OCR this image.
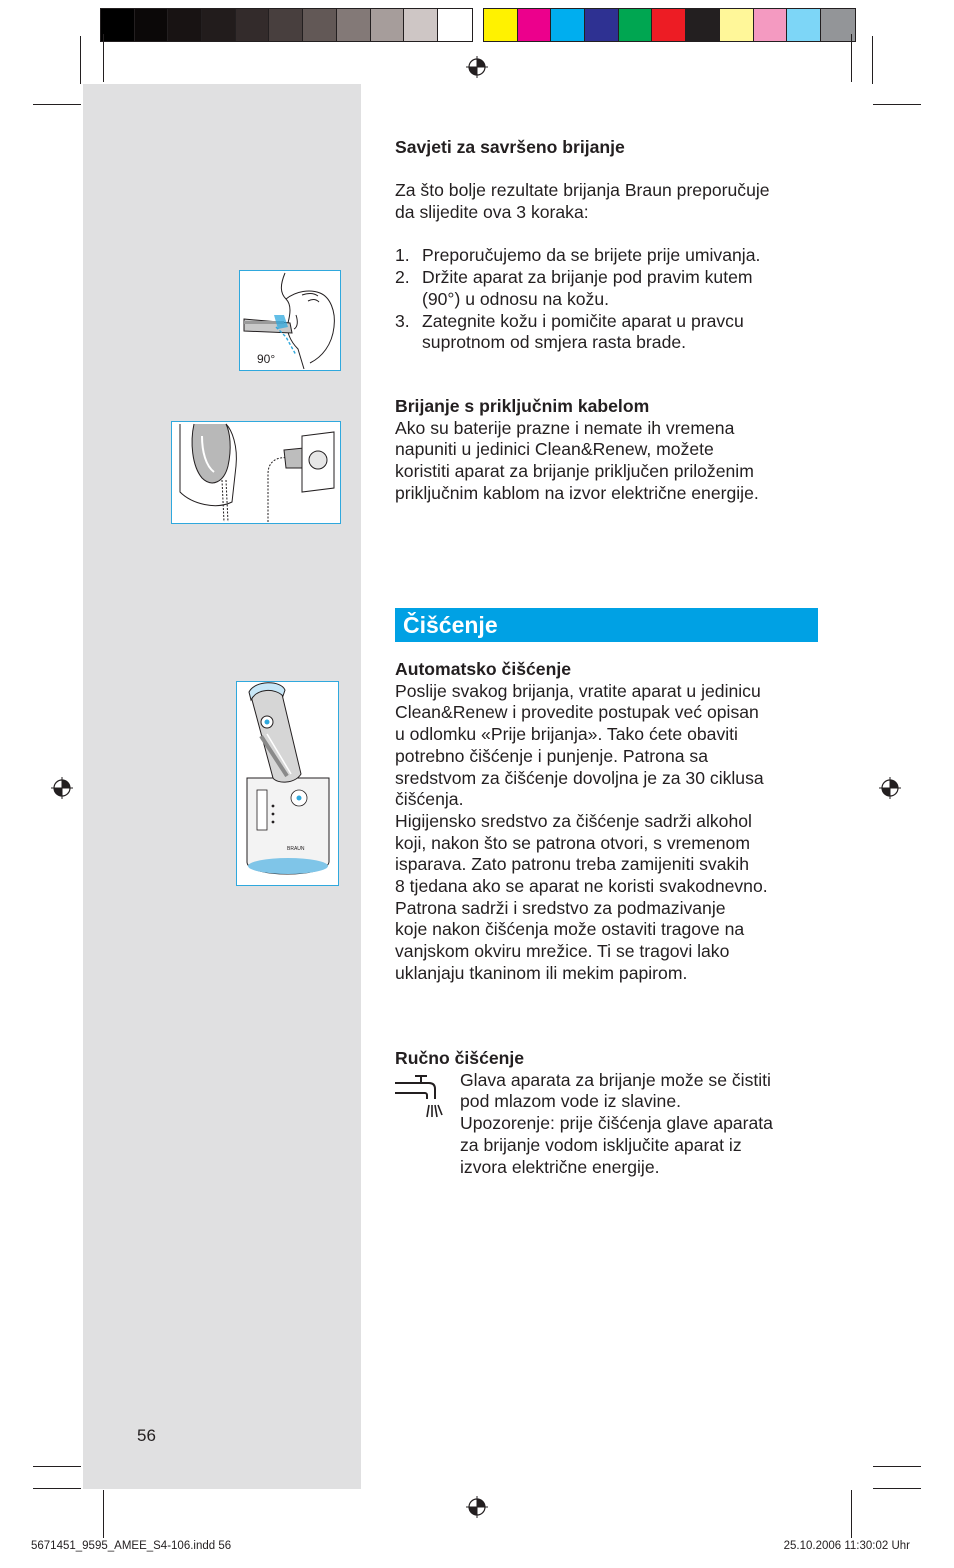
90°
BRAUN
Savjeti za savršeno brijanje
Za što bolje rezultate brijanja Braun preporučuje
da slijedite ova 3 koraka:
1. Preporučujemo da se brijete prije umivanja.
2. Držite aparat za brijanje pod pravim kutem
(90°) u odnosu na kožu.
3. Zategnite kožu i pomičite aparat u pravcu
suprotnom od smjera rasta brade.
Brijanje s priključnim kabelom
Ako su baterije prazne i nemate ih vremena
napuniti u jedinici Clean&Renew, možete
koristiti aparat za brijanje priključen priloženim
priključnim kablom na izvor električne energije.
Čišćenje
Automatsko čišćenje
Poslije svakog brijanja, vratite aparat u jedinicu
Clean&Renew i provedite postupak već opisan
u odlomku «Prije brijanja». Tako ćete obaviti
potrebno čišćenje i punjenje. Patrona sa
sredstvom za čišćenje dovoljna je za 30 ciklusa
čišćenja.
Higijensko sredstvo za čišćenje sadrži alkohol
koji, nakon što se patrona otvori, s vremenom
isparava. Zato patronu treba zamijeniti svakih
8 tjedana ako se aparat ne koristi svakodnevno.
Patrona sadrži i sredstvo za podmazivanje
koje nakon čišćenja može ostaviti tragove na
vanjskom okviru mrežice. Ti se tragovi lako
uklanjaju tkaninom ili mekim papirom.
Ručno čišćenje
Glava aparata za brijanje može se čistiti
pod mlazom vode iz slavine.
Upozorenje: prije čišćenja glave aparata
za brijanje vodom isključite aparat iz
izvora električne energije.
56
5671451_9595_AMEE_S4-106.indd 56	25.10.2006 11:30:02 Uhr
